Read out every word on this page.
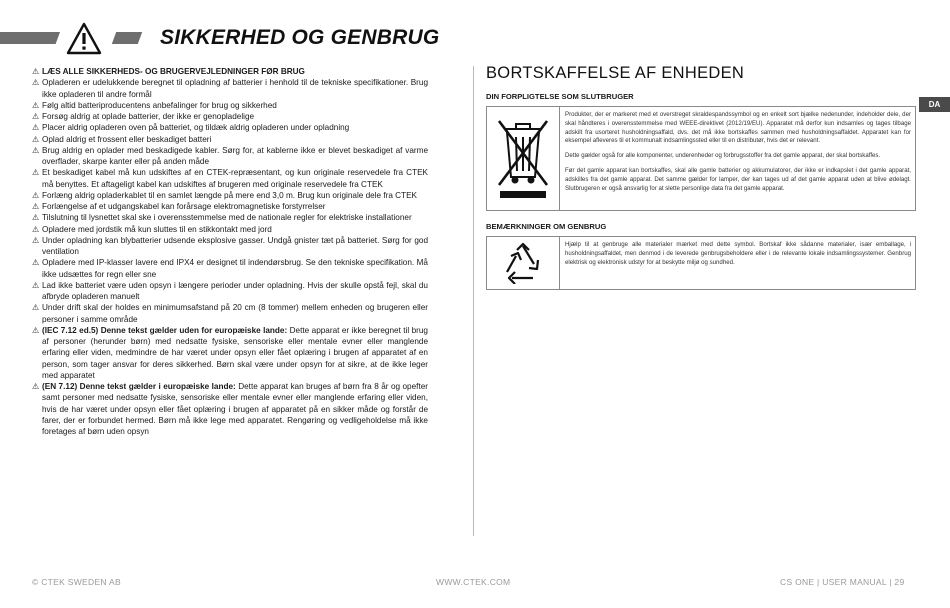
SIKKERHED OG GENBRUG
⚠ LÆS ALLE SIKKERHEDS- OG BRUGERVEJLEDNINGER FØR BRUG
⚠ Opladeren er udelukkende beregnet til opladning af batterier i henhold til de tekniske specifikationer. Brug ikke opladeren til andre formål
⚠ Følg altid batteriproducentens anbefalinger for brug og sikkerhed
⚠ Forsøg aldrig at oplade batterier, der ikke er genopladelige
⚠ Placer aldrig opladeren oven på batteriet, og tildæk aldrig opladeren under opladning
⚠ Oplad aldrig et frossent eller beskadiget batteri
⚠ Brug aldrig en oplader med beskadigede kabler. Sørg for, at kablerne ikke er blevet beskadiget af varme overflader, skarpe kanter eller på anden måde
⚠ Et beskadiget kabel må kun udskiftes af en CTEK-repræsentant, og kun originale reservedele fra CTEK må benyttes. Et aftageligt kabel kan udskiftes af brugeren med originale reservedele fra CTEK
⚠ Forlæng aldrig opladerkablet til en samlet længde på mere end 3,0 m. Brug kun originale dele fra CTEK
⚠ Forlængelse af et udgangskabel kan forårsage elektromagnetiske forstyrrelser
⚠ Tilslutning til lysnettet skal ske i overensstemmelse med de nationale regler for elektriske installationer
⚠ Opladere med jordstik må kun sluttes til en stikkontakt med jord
⚠ Under opladning kan blybatterier udsende eksplosive gasser. Undgå gnister tæt på batteriet. Sørg for god ventilation
⚠ Opladere med IP-klasser lavere end IPX4 er designet til indendørsbrug. Se den tekniske specifikation. Må ikke udsættes for regn eller sne
⚠ Lad ikke batteriet være uden opsyn i længere perioder under opladning. Hvis der skulle opstå fejl, skal du afbryde opladeren manuelt
⚠ Under drift skal der holdes en minimumsafstand på 20 cm (8 tommer) mellem enheden og brugeren eller personer i samme område
⚠ (IEC 7.12 ed.5) Denne tekst gælder uden for europæiske lande: Dette apparat er ikke beregnet til brug af personer (herunder børn) med nedsatte fysiske, sensoriske eller mentale evner eller manglende erfaring eller viden, medmindre de har været under opsyn eller fået oplæring i brugen af apparatet af en person, som tager ansvar for deres sikkerhed. Børn skal være under opsyn for at sikre, at de ikke leger med apparatet
⚠ (EN 7.12) Denne tekst gælder i europæiske lande: Dette apparat kan bruges af børn fra 8 år og opefter samt personer med nedsatte fysiske, sensoriske eller mentale evner eller manglende erfaring eller viden, hvis de har været under opsyn eller fået oplæring i brugen af apparatet på en sikker måde og forstår de farer, der er forbundet hermed. Børn må ikke lege med apparatet. Rengøring og vedligeholdelse må ikke foretages af børn uden opsyn
BORTSKAFFELSE AF ENHEDEN
DIN FORPLIGTELSE SOM SLUTBRUGER

Produkter, der er markeret med et overstreget skraldespandssymbol og en enkelt sort bjælke nedenunder, indeholder dele, der skal håndteres i overensstemmelse med WEEE-direktivet (2012/19/EU). Apparatet må derfor kun indsamles og tages tilbage adskilt fra usorteret husholdningsaffald, dvs. det må ikke bortskaffes sammen med husholdningsaffaldet. Apparatet kan for eksempel afleveres til et kommunalt indsamlingssted eller til en distributør, hvis det er relevant.

Dette gælder også for alle komponenter, underenheder og forbrugsstoffer fra det gamle apparat, der skal bortskaffes.

Før det gamle apparat kan bortskaffes, skal alle gamle batterier og akkumulatorer, der ikke er indkapslet i det gamle apparat, adskilles fra det gamle apparat. Det samme gælder for lamper, der kan tages ud af det gamle apparat uden at blive ødelagt. Slutbrugeren er også ansvarlig for at slette personlige data fra det gamle apparat.

BEMÆRKNINGER OM GENBRUG

Hjælp til at genbruge alle materialer mærket med dette symbol. Bortskaf ikke sådanne materialer, især emballage, i husholdningsaffaldet, men denmod i de leverede genbrugsbeholdere eller i de relevante lokale indsamlingssystemer. Genbrug elektrisk og elektronisk udstyr for at beskytte miljø og sundhed.

DA
© CTEK SWEDEN AB	WWW.CTEK.COM	CS ONE | USER MANUAL | 29
